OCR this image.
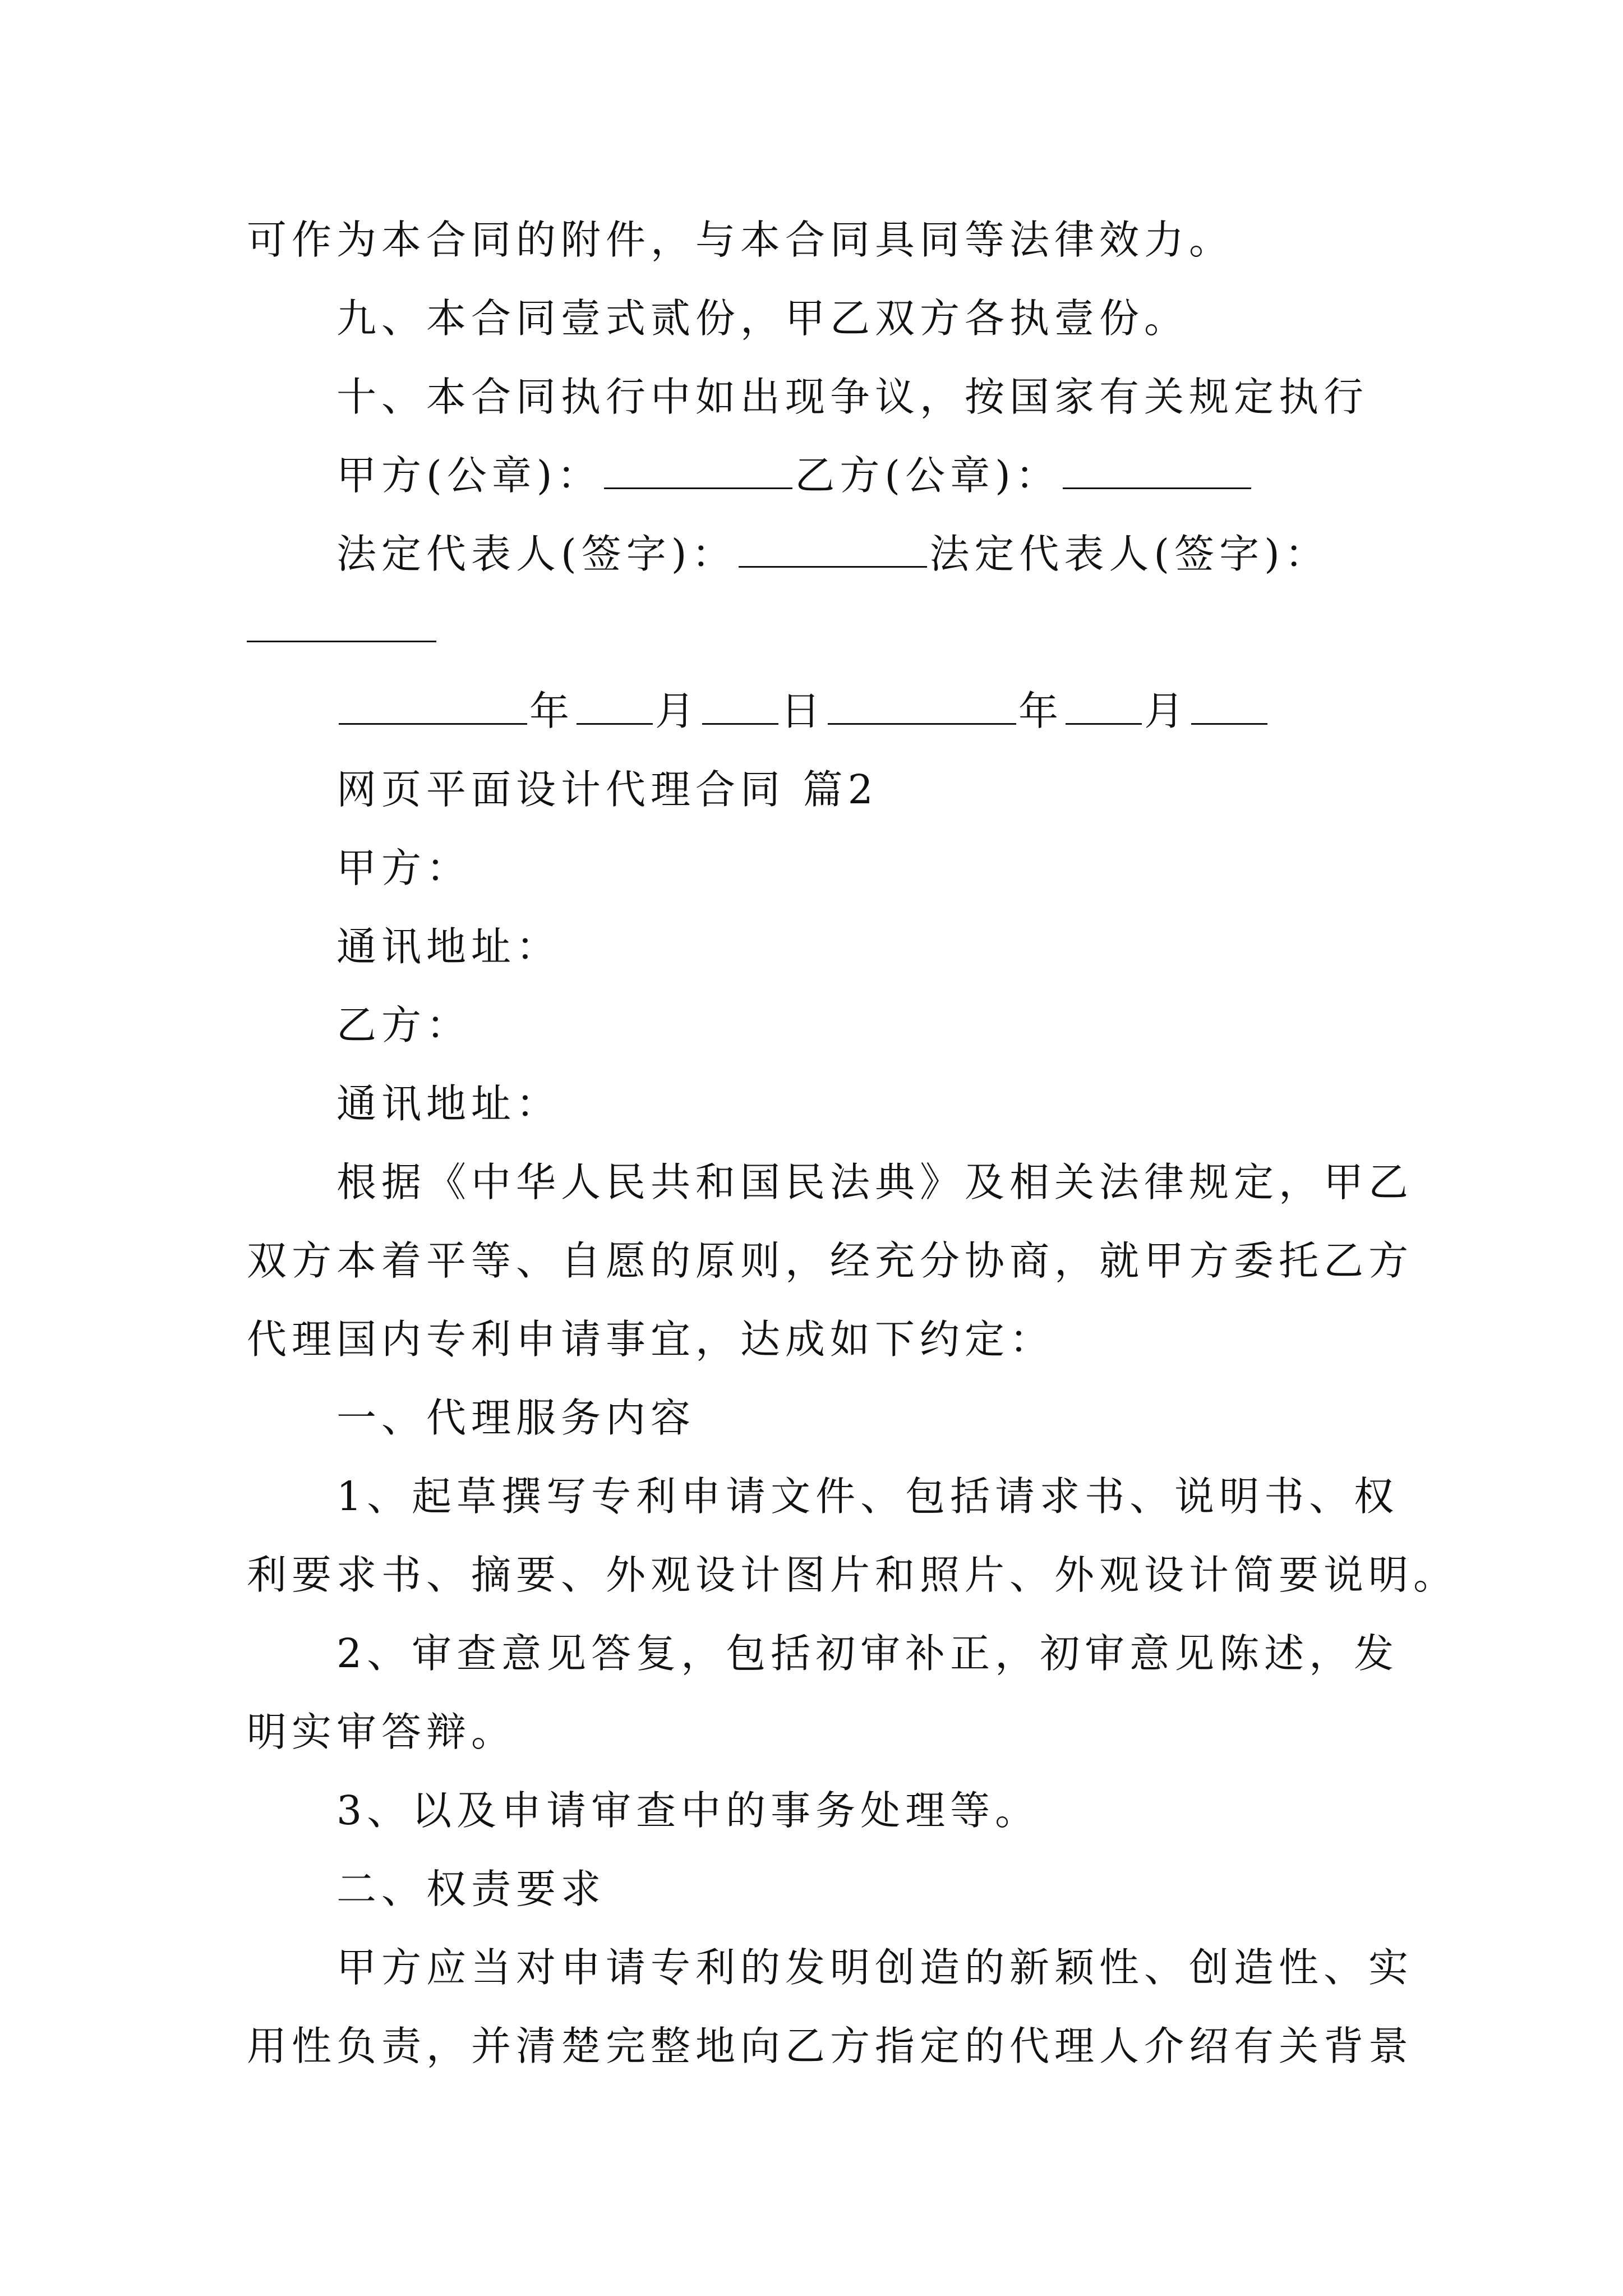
可作为本合同的附件，与本合同具同等法律效力。
九、本合同壹式贰份，甲乙双方各执壹份。
十、本合同执行中如出现争议，按国家有关规定执行
甲方(公章)：	乙方(公章)：
法定代表人(签字)：	法定代表人(签字)：
年 月 日	年 月
网页平面设计代理合同 篇2
甲方：
通讯地址：
乙方：
通讯地址：
根据《中华人民共和国民法典》及相关法律规定，甲乙
双方本着平等、自愿的原则，经充分协商，就甲方委托乙方
代理国内专利申请事宜，达成如下约定：
一、代理服务内容
1、起草撰写专利申请文件、包括请求书、说明书、权
利要求书、摘要、外观设计图片和照片、外观设计简要说明。
2、审查意见答复，包括初审补正，初审意见陈述，发
明实审答辩。
3、以及申请审查中的事务处理等。
二、权责要求
甲方应当对申请专利的发明创造的新颖性、创造性、实
用性负责，并清楚完整地向乙方指定的代理人介绍有关背景
